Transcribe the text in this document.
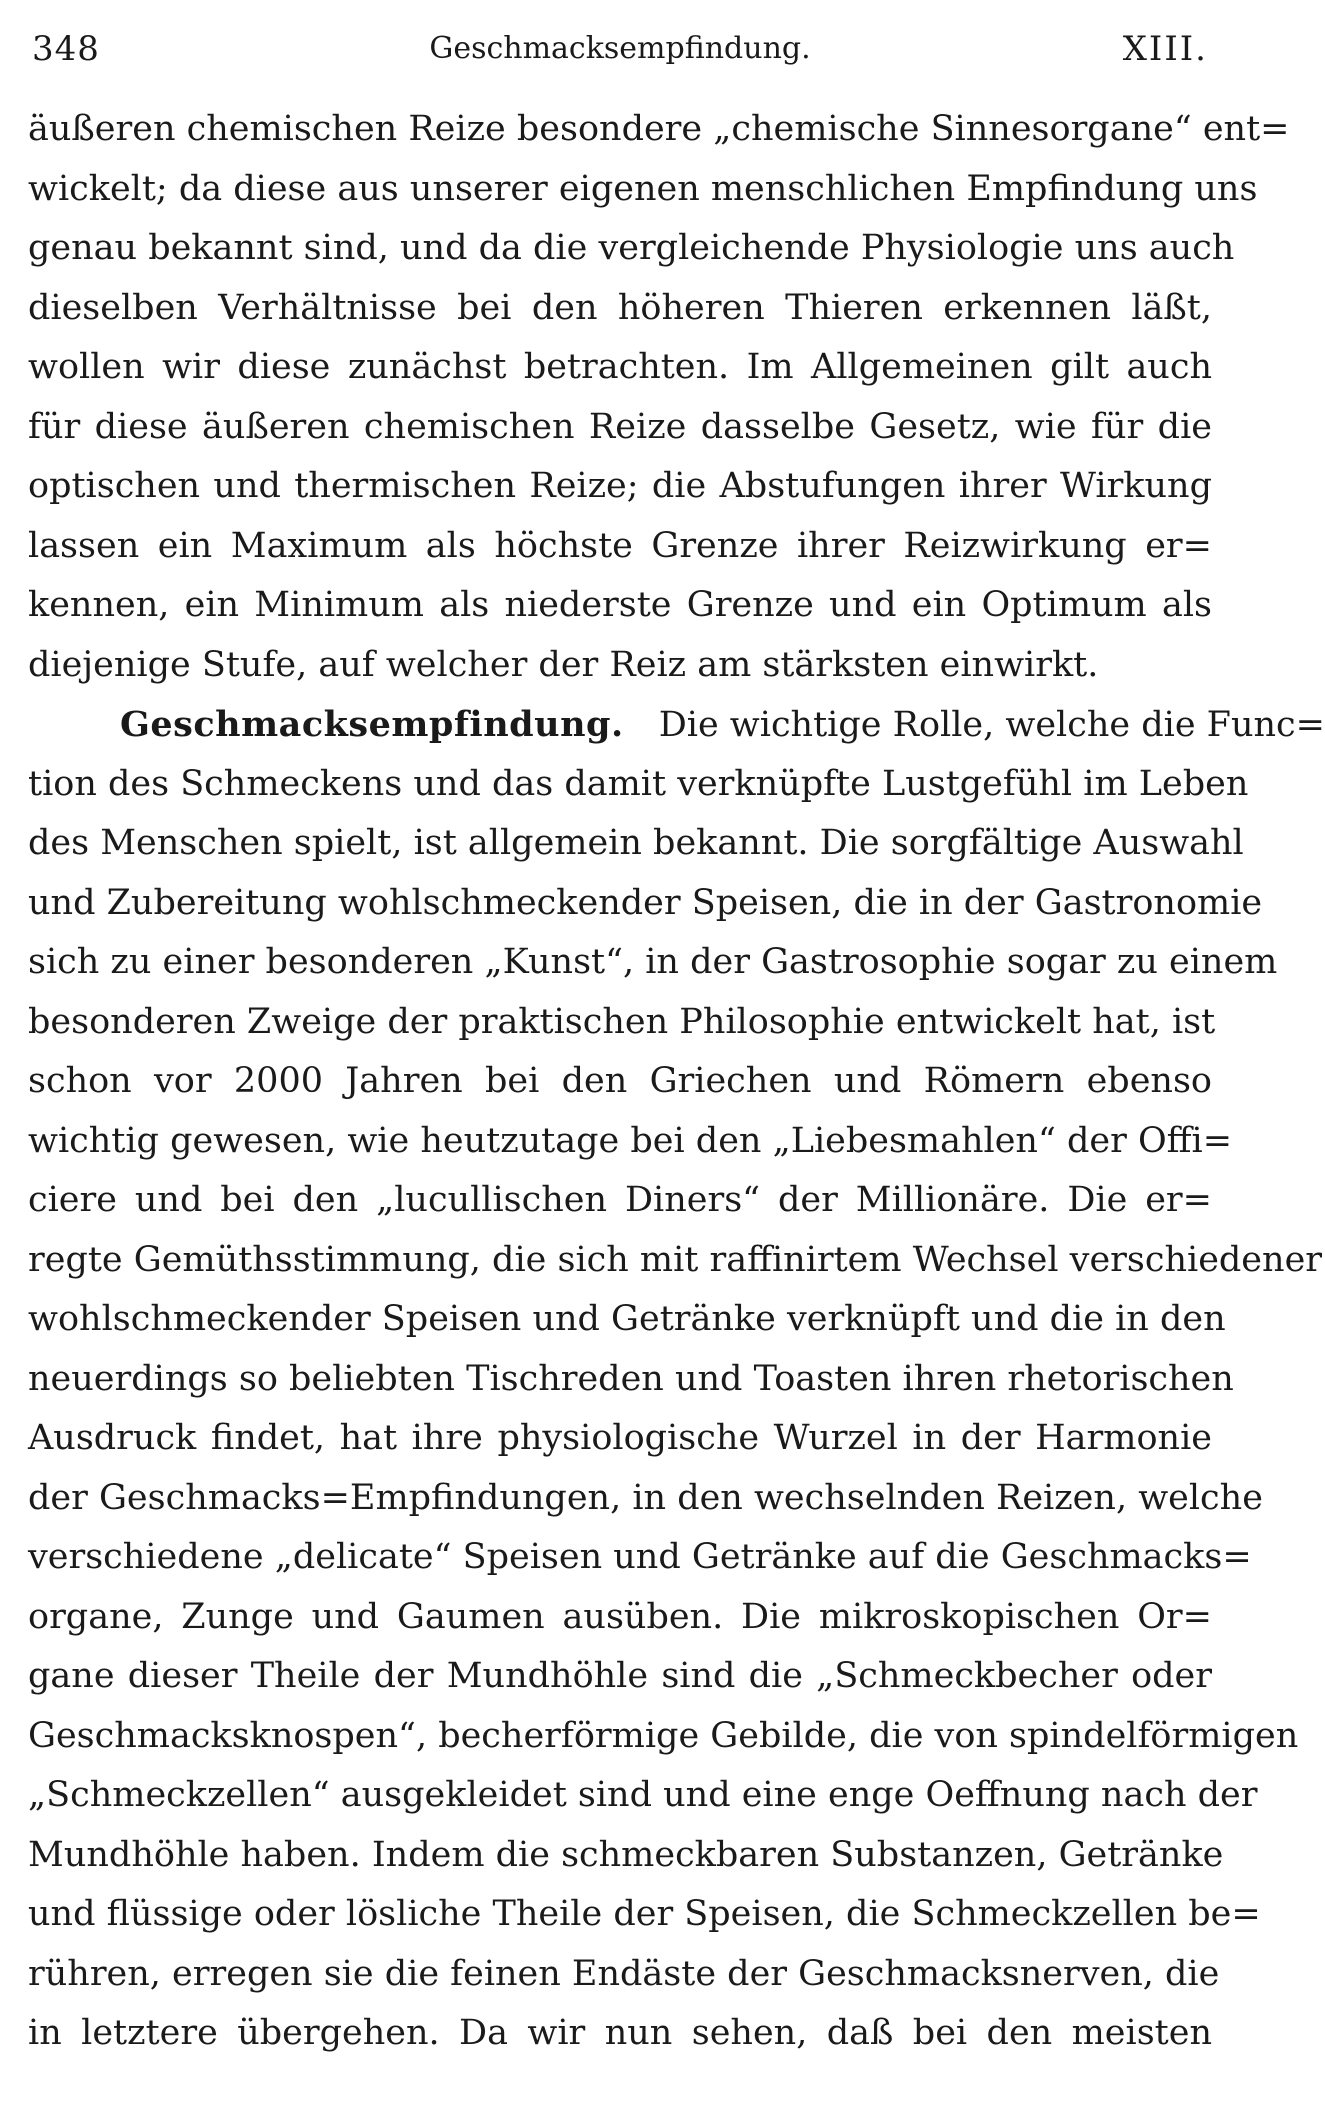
348	Geschmacksempfindung.	XIII.
äußeren chemischen Reize besondere „chemische Sinnesorgane“ ent=
wickelt; da diese aus unserer eigenen menschlichen Empfindung uns
genau bekannt sind, und da die vergleichende Physiologie uns auch
dieselben Verhältnisse bei den höheren Thieren erkennen läßt,
wollen wir diese zunächst betrachten. Im Allgemeinen gilt auch
für diese äußeren chemischen Reize dasselbe Gesetz, wie für die
optischen und thermischen Reize; die Abstufungen ihrer Wirkung
lassen ein Maximum als höchste Grenze ihrer Reizwirkung er=
kennen, ein Minimum als niederste Grenze und ein Optimum als
diejenige Stufe, auf welcher der Reiz am stärksten einwirkt.
Geschmacksempfindung.  Die wichtige Rolle, welche die Func=
tion des Schmeckens und das damit verknüpfte Lustgefühl im Leben
des Menschen spielt, ist allgemein bekannt. Die sorgfältige Auswahl
und Zubereitung wohlschmeckender Speisen, die in der Gastronomie
sich zu einer besonderen „Kunst“, in der Gastrosophie sogar zu einem
besonderen Zweige der praktischen Philosophie entwickelt hat, ist
schon vor 2000 Jahren bei den Griechen und Römern ebenso
wichtig gewesen, wie heutzutage bei den „Liebesmahlen“ der Offi=
ciere und bei den „lucullischen Diners“ der Millionäre. Die er=
regte Gemüthsstimmung, die sich mit raffinirtem Wechsel verschiedener
wohlschmeckender Speisen und Getränke verknüpft und die in den
neuerdings so beliebten Tischreden und Toasten ihren rhetorischen
Ausdruck findet, hat ihre physiologische Wurzel in der Harmonie
der Geschmacks=Empfindungen, in den wechselnden Reizen, welche
verschiedene „delicate“ Speisen und Getränke auf die Geschmacks=
organe, Zunge und Gaumen ausüben. Die mikroskopischen Or=
gane dieser Theile der Mundhöhle sind die „Schmeckbecher oder
Geschmacksknospen“, becherförmige Gebilde, die von spindelförmigen
„Schmeckzellen“ ausgekleidet sind und eine enge Oeffnung nach der
Mundhöhle haben. Indem die schmeckbaren Substanzen, Getränke
und flüssige oder lösliche Theile der Speisen, die Schmeckzellen be=
rühren, erregen sie die feinen Endäste der Geschmacksnerven, die
in letztere übergehen. Da wir nun sehen, daß bei den meisten
